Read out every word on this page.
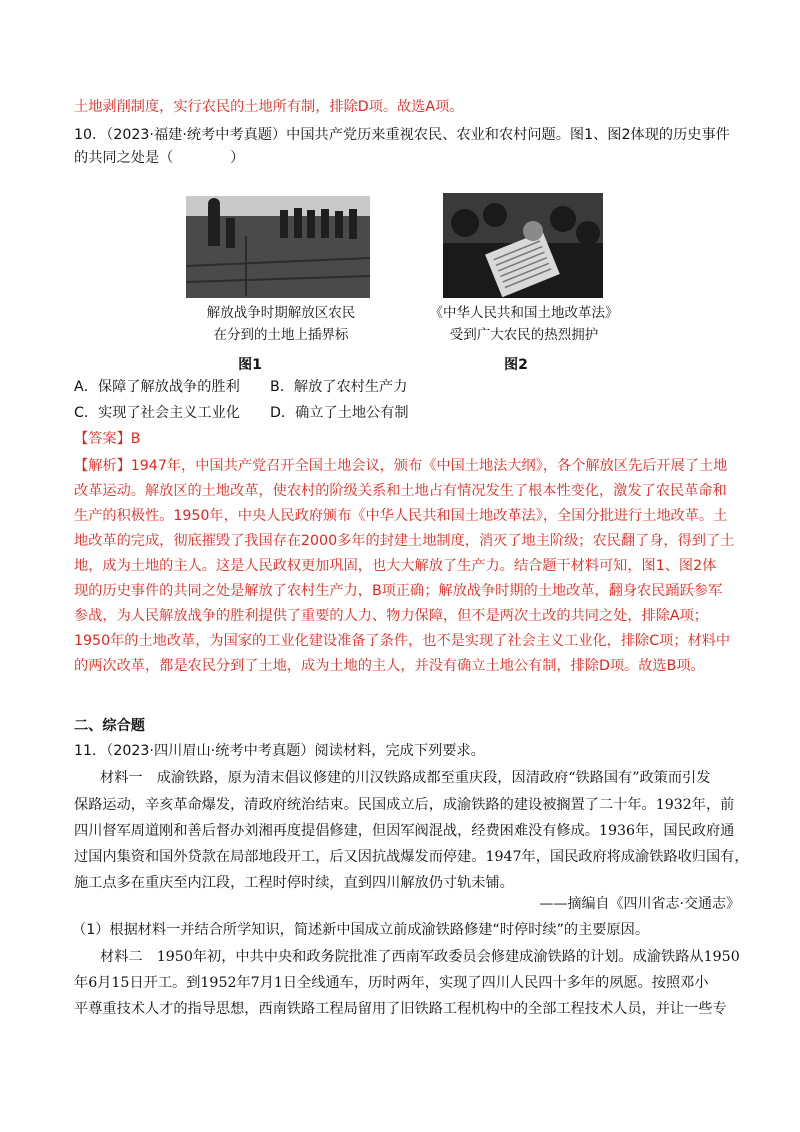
土地剥削制度，实行农民的土地所有制，排除D项。故选A项。
10．（2023·福建·统考中考真题）中国共产党历来重视农民、农业和农村问题。图1、图2体现的历史事件
的共同之处是（　　　　）
解放战争时期解放区农民
在分到的土地上插界标
《中华人民共和国土地改革法》
受到广大农民的热烈拥护
图1	图2
A．保障了解放战争的胜利 B．解放了农村生产力
C．实现了社会主义工业化 D．确立了土地公有制
【答案】B
【解析】1947年，中国共产党召开全国土地会议，颁布《中国土地法大纲》，各个解放区先后开展了土地
改革运动。解放区的土地改革，使农村的阶级关系和土地占有情况发生了根本性变化，激发了农民革命和
生产的积极性。1950年，中央人民政府颁布《中华人民共和国土地改革法》，全国分批进行土地改革。土
地改革的完成，彻底摧毁了我国存在2000多年的封建土地制度，消灭了地主阶级；农民翻了身，得到了土
地，成为土地的主人。这是人民政权更加巩固，也大大解放了生产力。结合题干材料可知，图1、图2体
现的历史事件的共同之处是解放了农村生产力，B项正确；解放战争时期的土地改革，翻身农民踊跃参军
参战，为人民解放战争的胜利提供了重要的人力、物力保障，但不是两次土改的共同之处，排除A项；
1950年的土地改革，为国家的工业化建设准备了条件，也不是实现了社会主义工业化，排除C项；材料中
的两次改革，都是农民分到了土地，成为土地的主人，并没有确立土地公有制，排除D项。故选B项。
二、综合题
11．（2023·四川眉山·统考中考真题）阅读材料，完成下列要求。
材料一　成渝铁路，原为清末倡议修建的川汉铁路成都至重庆段，因清政府“铁路国有”政策而引发
保路运动，辛亥革命爆发，清政府统治结束。民国成立后，成渝铁路的建设被搁置了二十年。1932年，前
四川督军周道刚和善后督办刘湘再度提倡修建，但因军阀混战，经费困难没有修成。1936年，国民政府通
过国内集资和国外贷款在局部地段开工，后又因抗战爆发而停建。1947年，国民政府将成渝铁路收归国有，
施工点多在重庆至内江段，工程时停时续，直到四川解放仍寸轨未铺。
——摘编自《四川省志·交通志》
（1）根据材料一并结合所学知识，简述新中国成立前成渝铁路修建“时停时续”的主要原因。
材料二　1950年初，中共中央和政务院批准了西南军政委员会修建成渝铁路的计划。成渝铁路从1950
年6月15日开工。到1952年7月1日全线通车，历时两年，实现了四川人民四十多年的夙愿。按照邓小
平尊重技术人才的指导思想，西南铁路工程局留用了旧铁路工程机构中的全部工程技术人员，并让一些专
